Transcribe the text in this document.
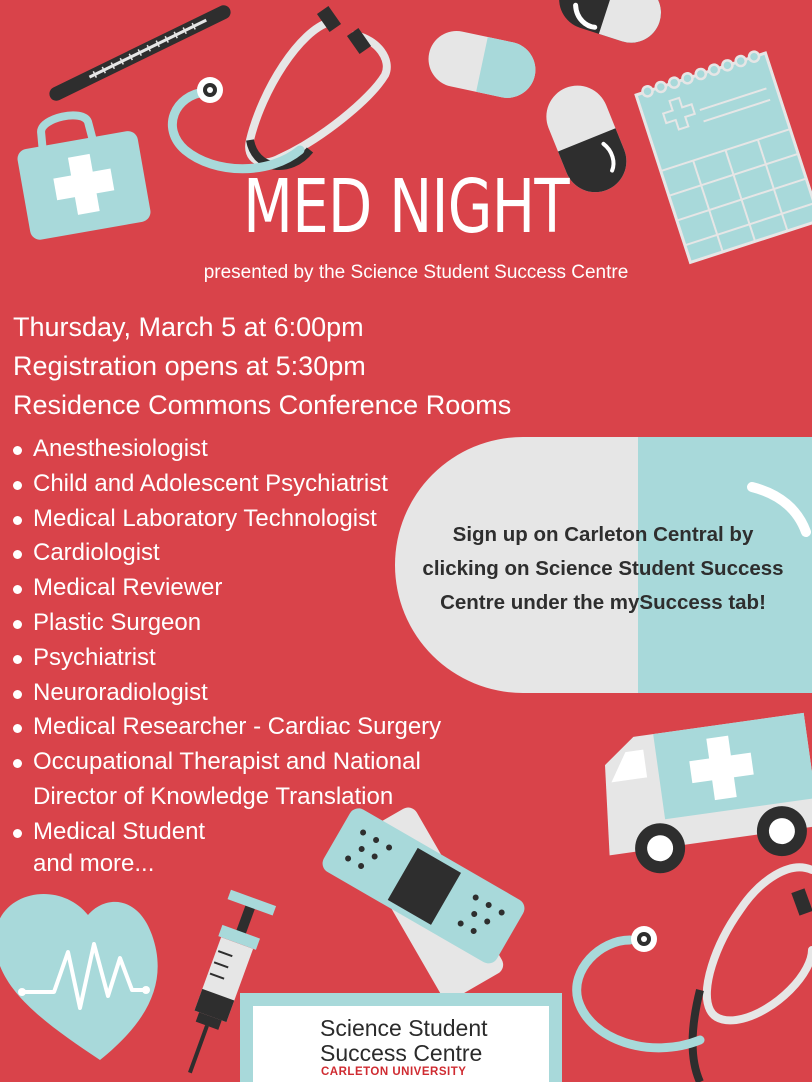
MED NIGHT
presented by the Science Student Success Centre
Thursday, March 5 at 6:00pm
Registration opens at 5:30pm
Residence Commons Conference Rooms
Anesthesiologist
Child and Adolescent Psychiatrist
Medical Laboratory Technologist
Cardiologist
Medical Reviewer
Plastic Surgeon
Psychiatrist
Neuroradiologist
Medical Researcher - Cardiac Surgery
Occupational Therapist and National
Director of Knowledge Translation
Medical Student
and more...
Sign up on Carleton Central by
clicking on Science Student Success
Centre under the mySuccess tab!
Science Student
Success Centre
CARLETON UNIVERSITY
